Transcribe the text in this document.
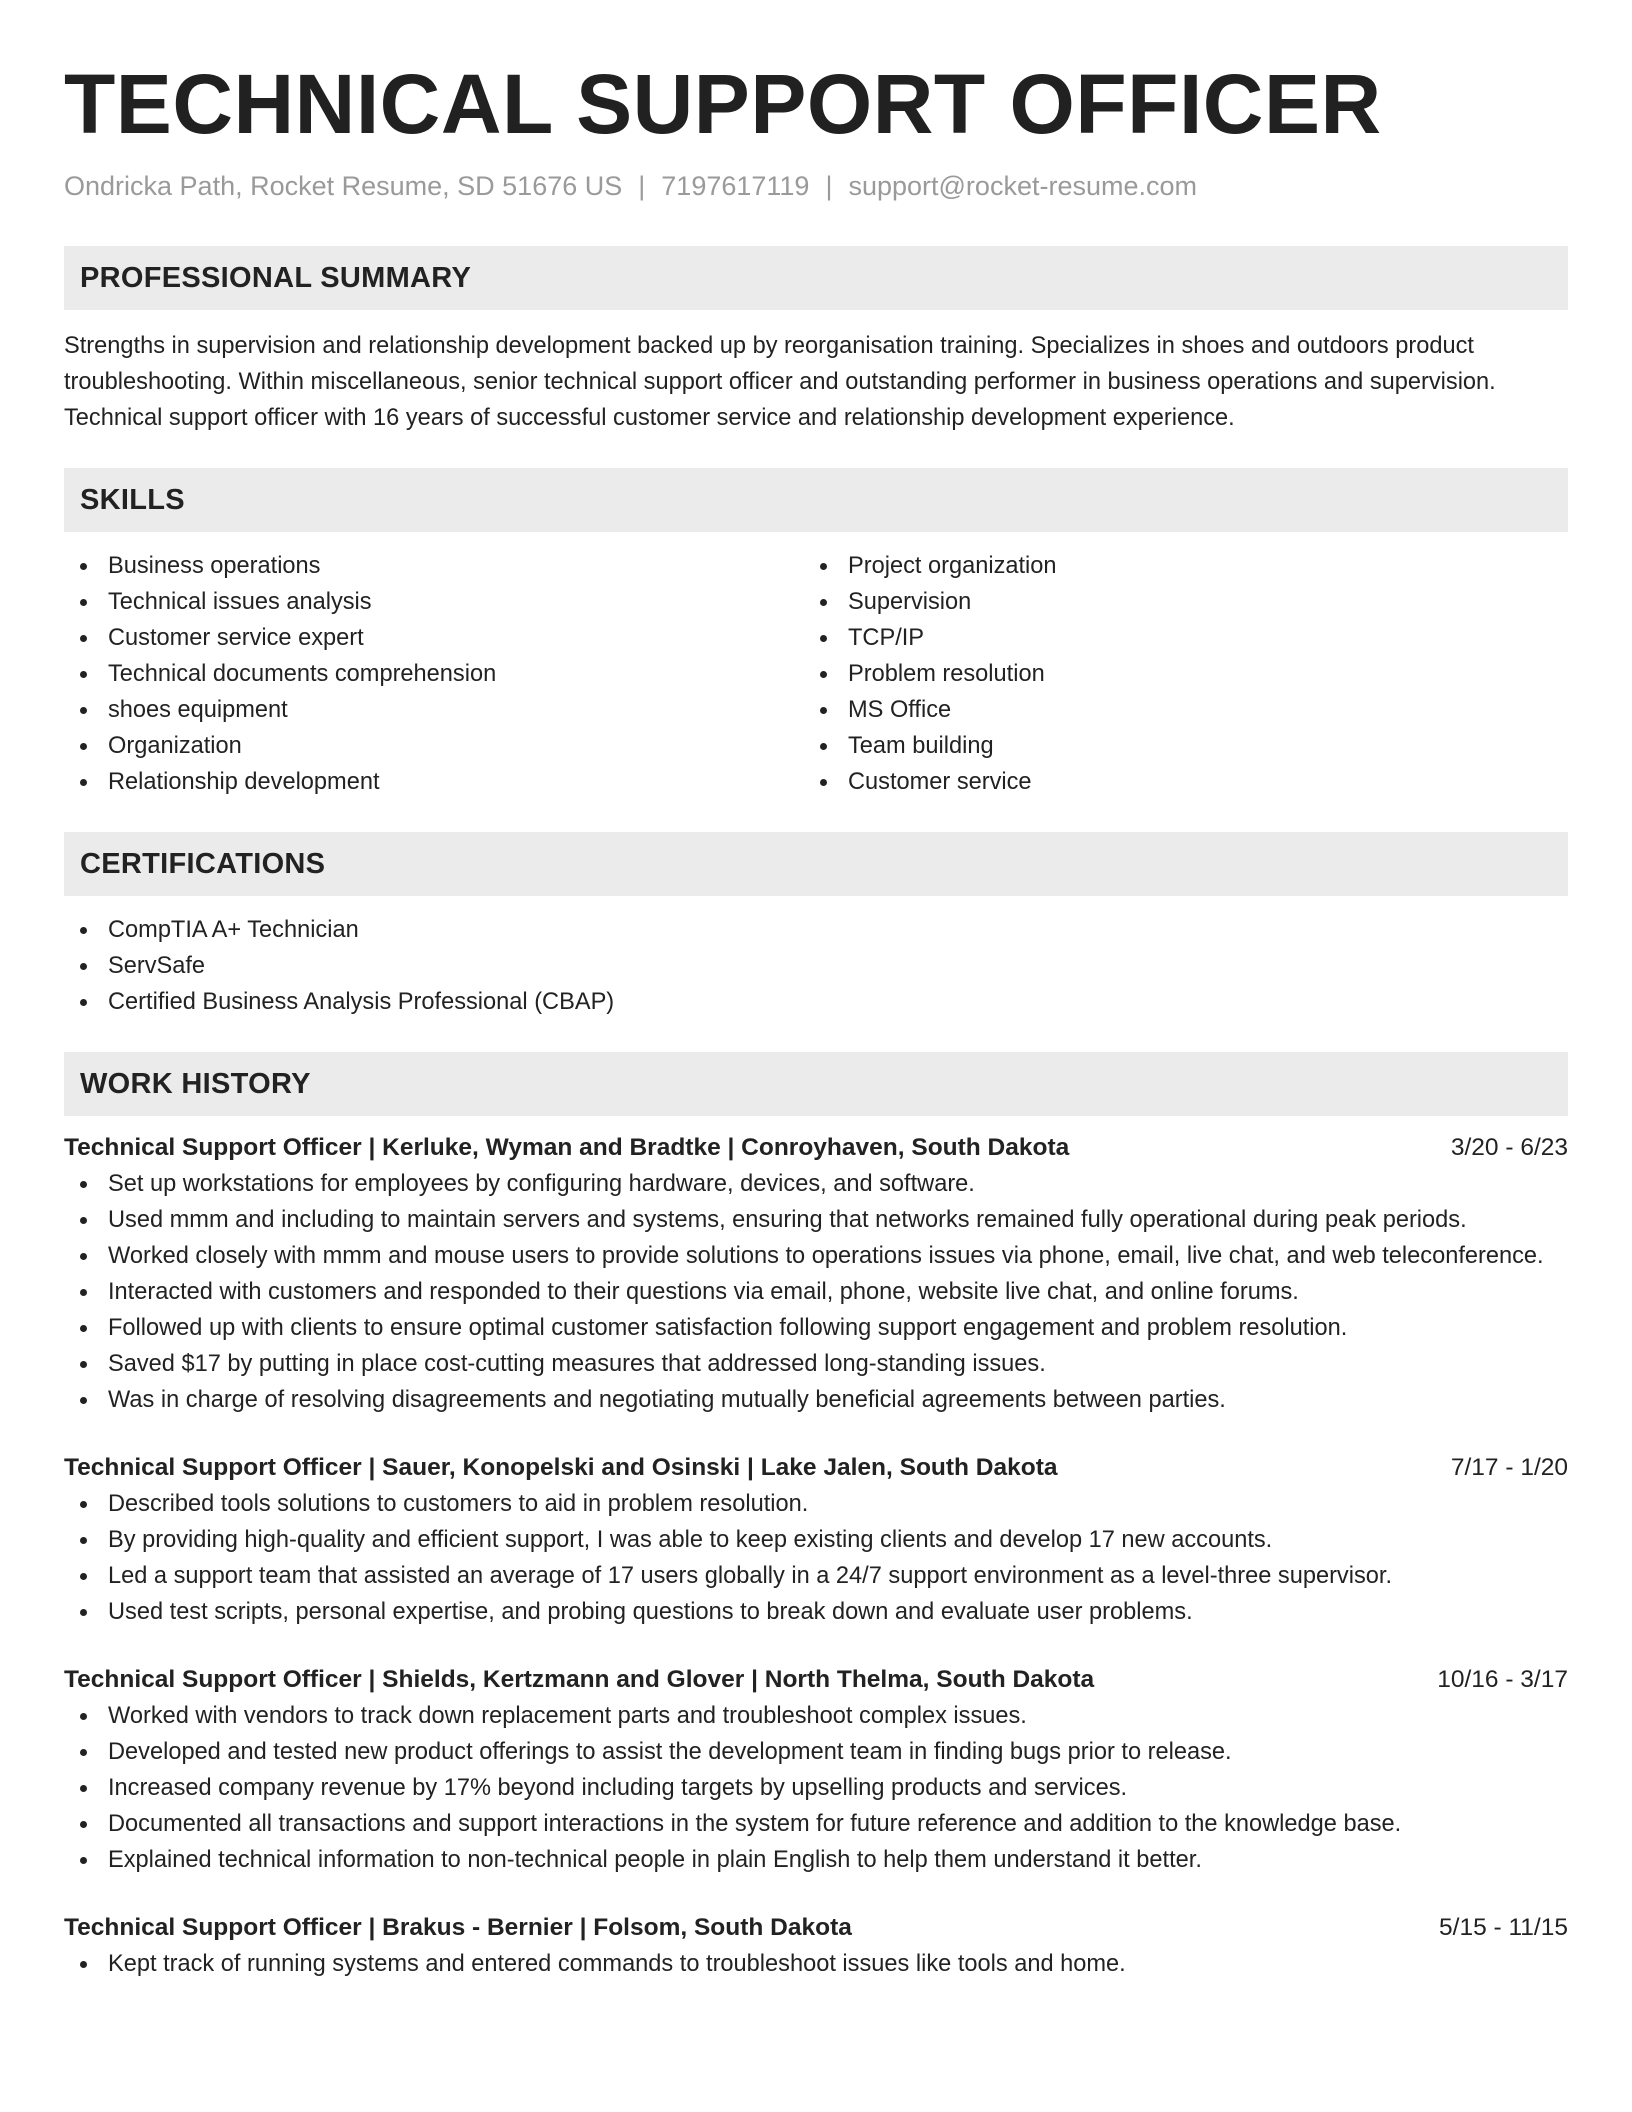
TECHNICAL SUPPORT OFFICER
Ondricka Path, Rocket Resume, SD 51676 US | 7197617119 | support@rocket-resume.com
PROFESSIONAL SUMMARY

Strengths in supervision and relationship development backed up by reorganisation training. Specializes in shoes and outdoors product troubleshooting. Within miscellaneous, senior technical support officer and outstanding performer in business operations and supervision. Technical support officer with 16 years of successful customer service and relationship development experience.

SKILLS
Business operations
Technical issues analysis
Customer service expert
Technical documents comprehension
shoes equipment
Organization
Relationship development
Project organization
Supervision
TCP/IP
Problem resolution
MS Office
Team building
Customer service
CERTIFICATIONS
CompTIA A+ Technician
ServSafe
Certified Business Analysis Professional (CBAP)
WORK HISTORY
Technical Support Officer | Kerluke, Wyman and Bradtke | Conroyhaven, South Dakota	3/20 - 6/23
Set up workstations for employees by configuring hardware, devices, and software.
Used mmm and including to maintain servers and systems, ensuring that networks remained fully operational during peak periods.
Worked closely with mmm and mouse users to provide solutions to operations issues via phone, email, live chat, and web teleconference.
Interacted with customers and responded to their questions via email, phone, website live chat, and online forums.
Followed up with clients to ensure optimal customer satisfaction following support engagement and problem resolution.
Saved $17 by putting in place cost-cutting measures that addressed long-standing issues.
Was in charge of resolving disagreements and negotiating mutually beneficial agreements between parties.
Technical Support Officer | Sauer, Konopelski and Osinski | Lake Jalen, South Dakota	7/17 - 1/20
Described tools solutions to customers to aid in problem resolution.
By providing high-quality and efficient support, I was able to keep existing clients and develop 17 new accounts.
Led a support team that assisted an average of 17 users globally in a 24/7 support environment as a level-three supervisor.
Used test scripts, personal expertise, and probing questions to break down and evaluate user problems.
Technical Support Officer | Shields, Kertzmann and Glover | North Thelma, South Dakota	10/16 - 3/17
Worked with vendors to track down replacement parts and troubleshoot complex issues.
Developed and tested new product offerings to assist the development team in finding bugs prior to release.
Increased company revenue by 17% beyond including targets by upselling products and services.
Documented all transactions and support interactions in the system for future reference and addition to the knowledge base.
Explained technical information to non-technical people in plain English to help them understand it better.
Technical Support Officer | Brakus - Bernier | Folsom, South Dakota	5/15 - 11/15
Kept track of running systems and entered commands to troubleshoot issues like tools and home.
